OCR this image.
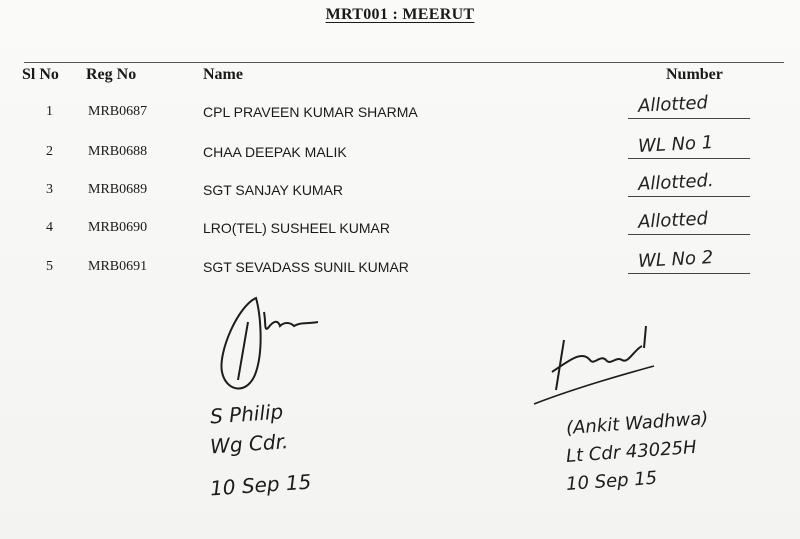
MRT001 : MEERUT
Sl No Reg No	Name	Number
1	MRB0687	CPL PRAVEEN KUMAR SHARMA	Allotted
2	MRB0688	CHAA DEEPAK MALIK	WL No 1
3	MRB0689	SGT SANJAY KUMAR	Allotted.
4	MRB0690	LRO(TEL) SUSHEEL KUMAR	Allotted
5	MRB0691	SGT SEVADASS SUNIL KUMAR	WL No 2
S Philip
Wg Cdr.
10 Sep 15
(Ankit Wadhwa)
Lt Cdr 43025H
10 Sep 15
